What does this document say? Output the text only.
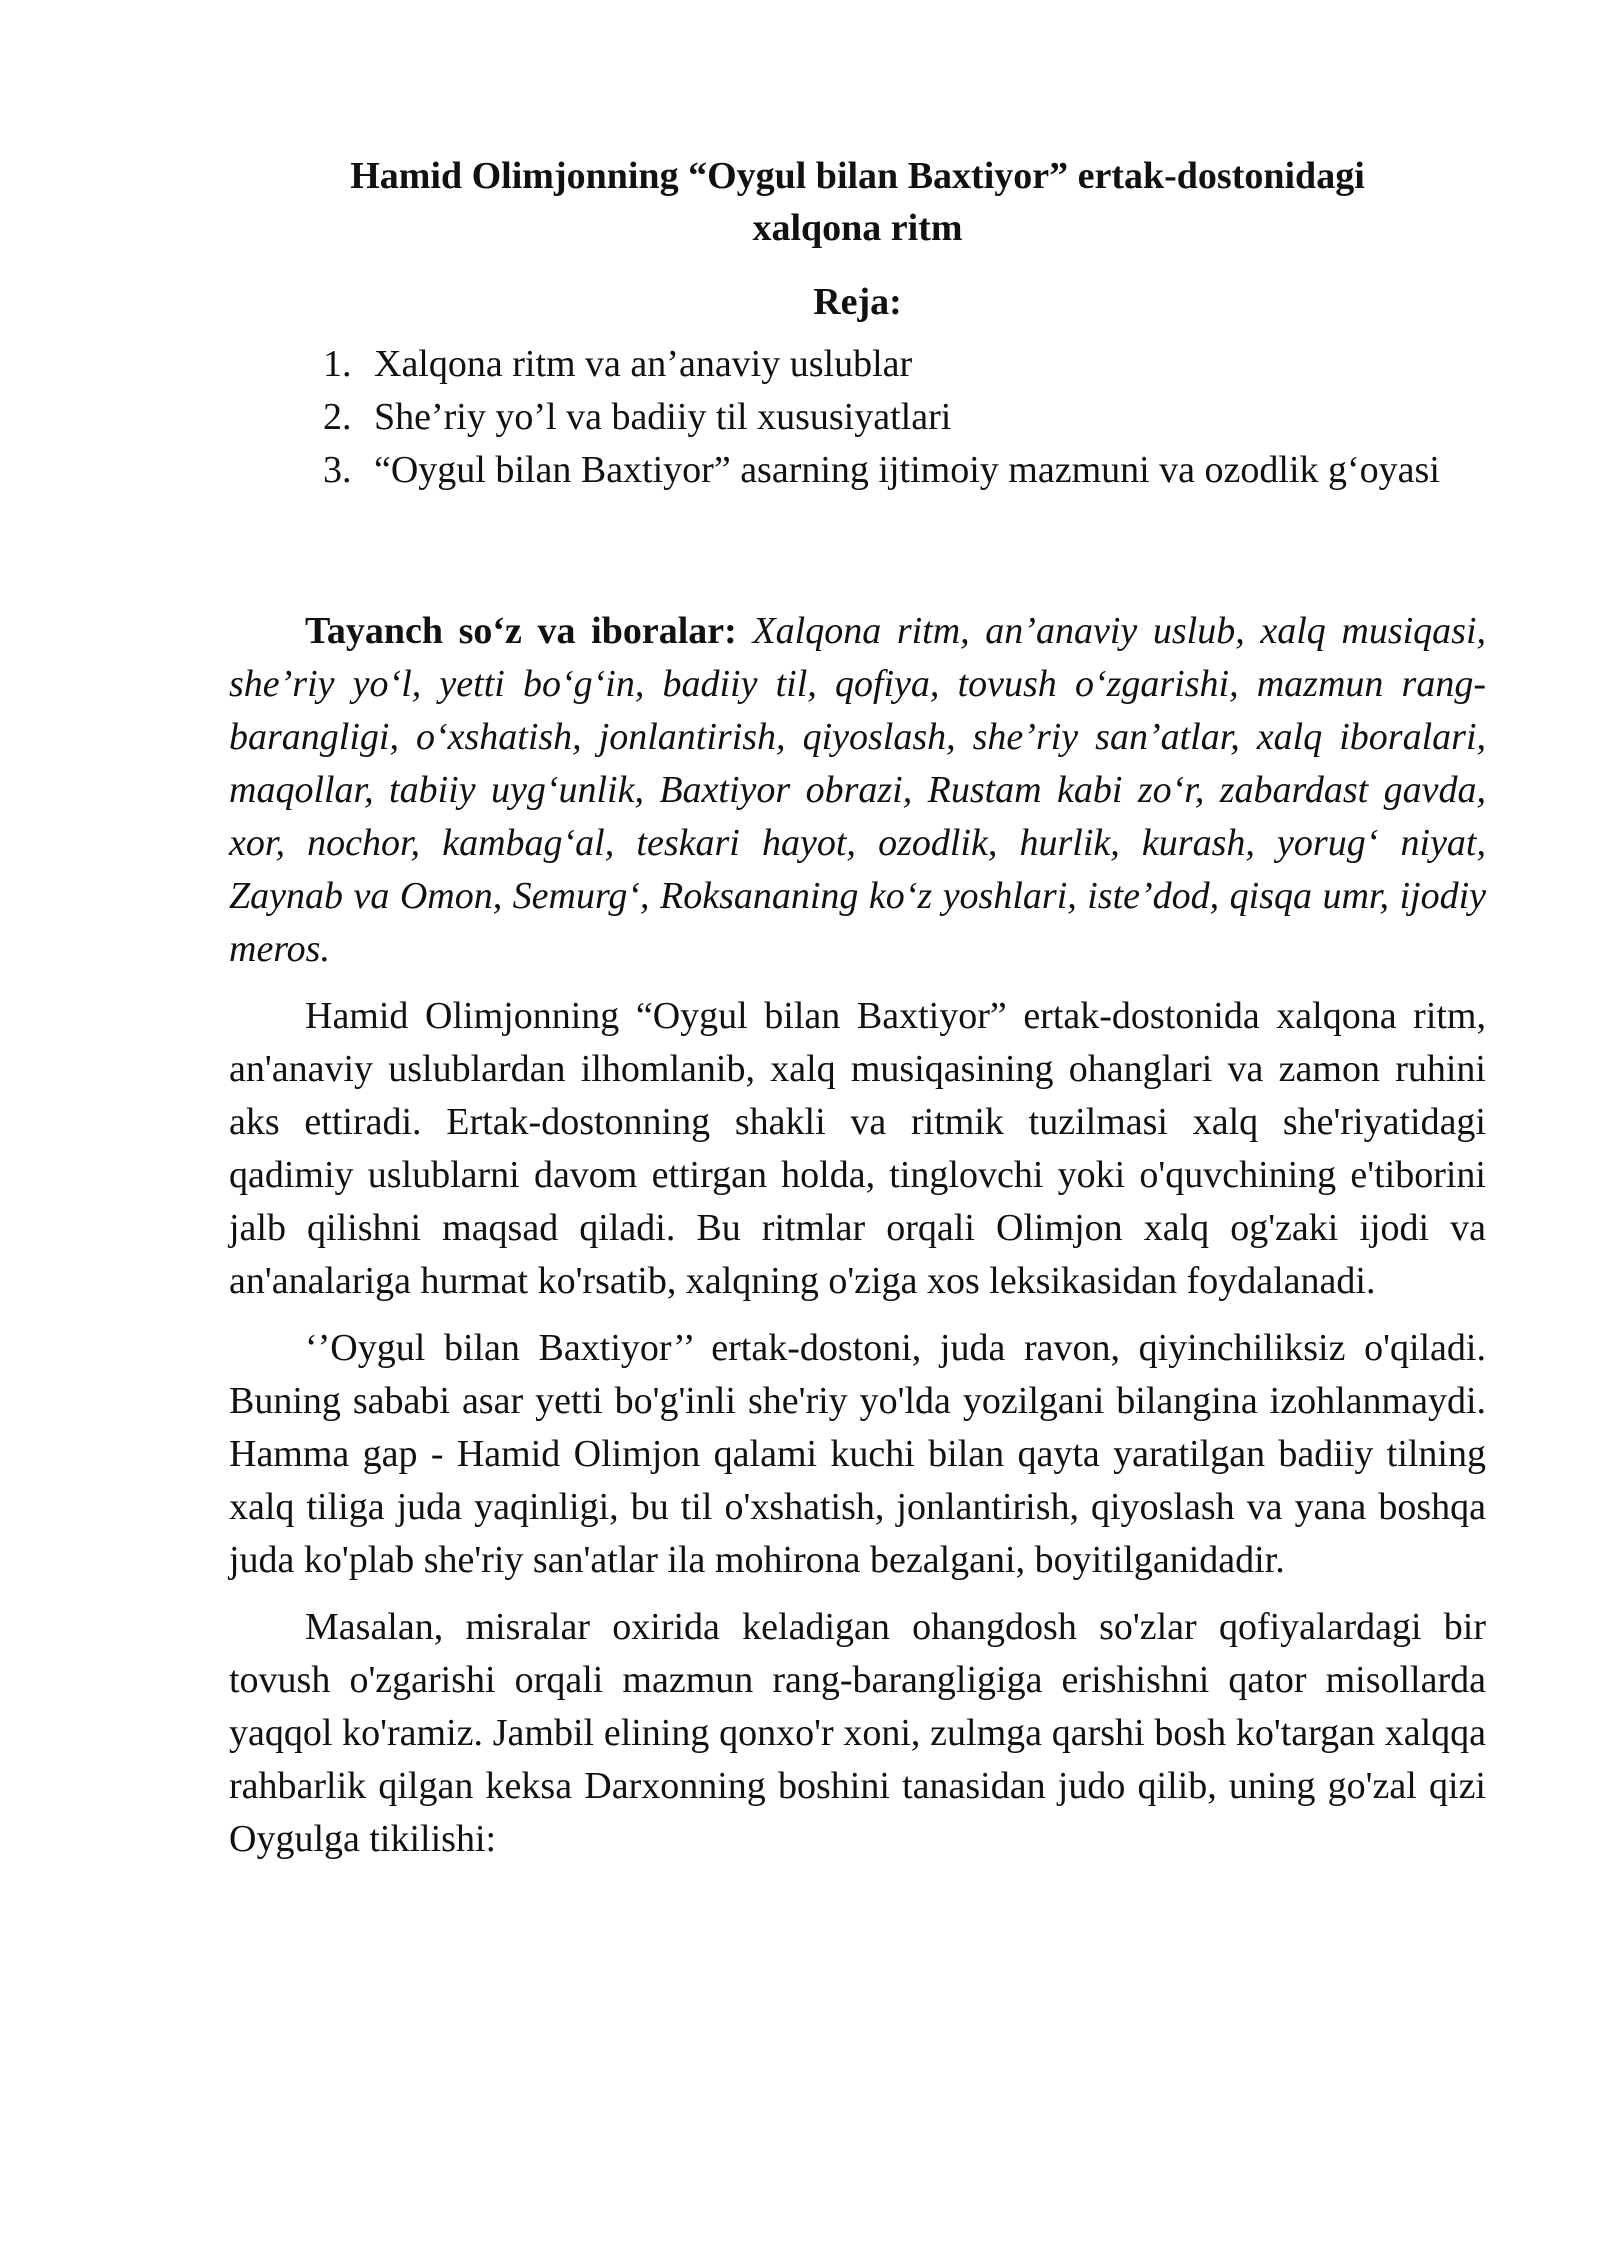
Hamid Olimjonning “Oygul bilan Baxtiyor” ertak-dostonidagi
xalqona ritm
Reja:
1. Xalqona ritm va an’anaviy uslublar
2. She’riy yo’l va badiiy til xususiyatlari
3. “Oygul bilan Baxtiyor” asarning ijtimoiy mazmuni va ozodlik g‘oyasi

Tayanch so‘z va iboralar: Xalqona ritm, an’anaviy uslub, xalq musiqasi, she’riy yo‘l, yetti bo‘g‘in, badiiy til, qofiya, tovush o‘zgarishi, mazmun rang-barangligi, o‘xshatish, jonlantirish, qiyoslash, she’riy san’atlar, xalq iboralari, maqollar, tabiiy uyg‘unlik, Baxtiyor obrazi, Rustam kabi zo‘r, zabardast gavda, xor, nochor, kambag‘al, teskari hayot, ozodlik, hurlik, kurash, yorug‘ niyat, Zaynab va Omon, Semurg‘, Roksananing ko‘z yoshlari, iste’dod, qisqa umr, ijodiy meros.

Hamid Olimjonning “Oygul bilan Baxtiyor” ertak-dostonida xalqona ritm, an'anaviy uslublardan ilhomlanib, xalq musiqasining ohanglari va zamon ruhini aks ettiradi. Ertak-dostonning shakli va ritmik tuzilmasi xalq she'riyatidagi qadimiy uslublarni davom ettirgan holda, tinglovchi yoki o'quvchining e'tiborini jalb qilishni maqsad qiladi. Bu ritmlar orqali Olimjon xalq og'zaki ijodi va an'analariga hurmat ko'rsatib, xalqning o'ziga xos leksikasidan foydalanadi.

‘’Oygul bilan Baxtiyor’’ ertak-dostoni, juda ravon, qiyinchiliksiz o'qiladi. Buning sababi asar yetti bo'g'inli she'riy yo'lda yozilgani bilangina izohlanmaydi. Hamma gap - Hamid Olimjon qalami kuchi bilan qayta yaratilgan badiiy tilning xalq tiliga juda yaqinligi, bu til o'xshatish, jonlantirish, qiyoslash va yana boshqa juda ko'plab she'riy san'atlar ila mohirona bezalgani, boyitilganidadir.

Masalan, misralar oxirida keladigan ohangdosh so'zlar qofiyalardagi bir tovush o'zgarishi orqali mazmun rang-barangligiga erishishni qator misollarda yaqqol ko'ramiz. Jambil elining qonxo'r xoni, zulmga qarshi bosh ko'targan xalqqa rahbarlik qilgan keksa Darxonning boshini tanasidan judo qilib, uning go'zal qizi Oygulga tikilishi:
